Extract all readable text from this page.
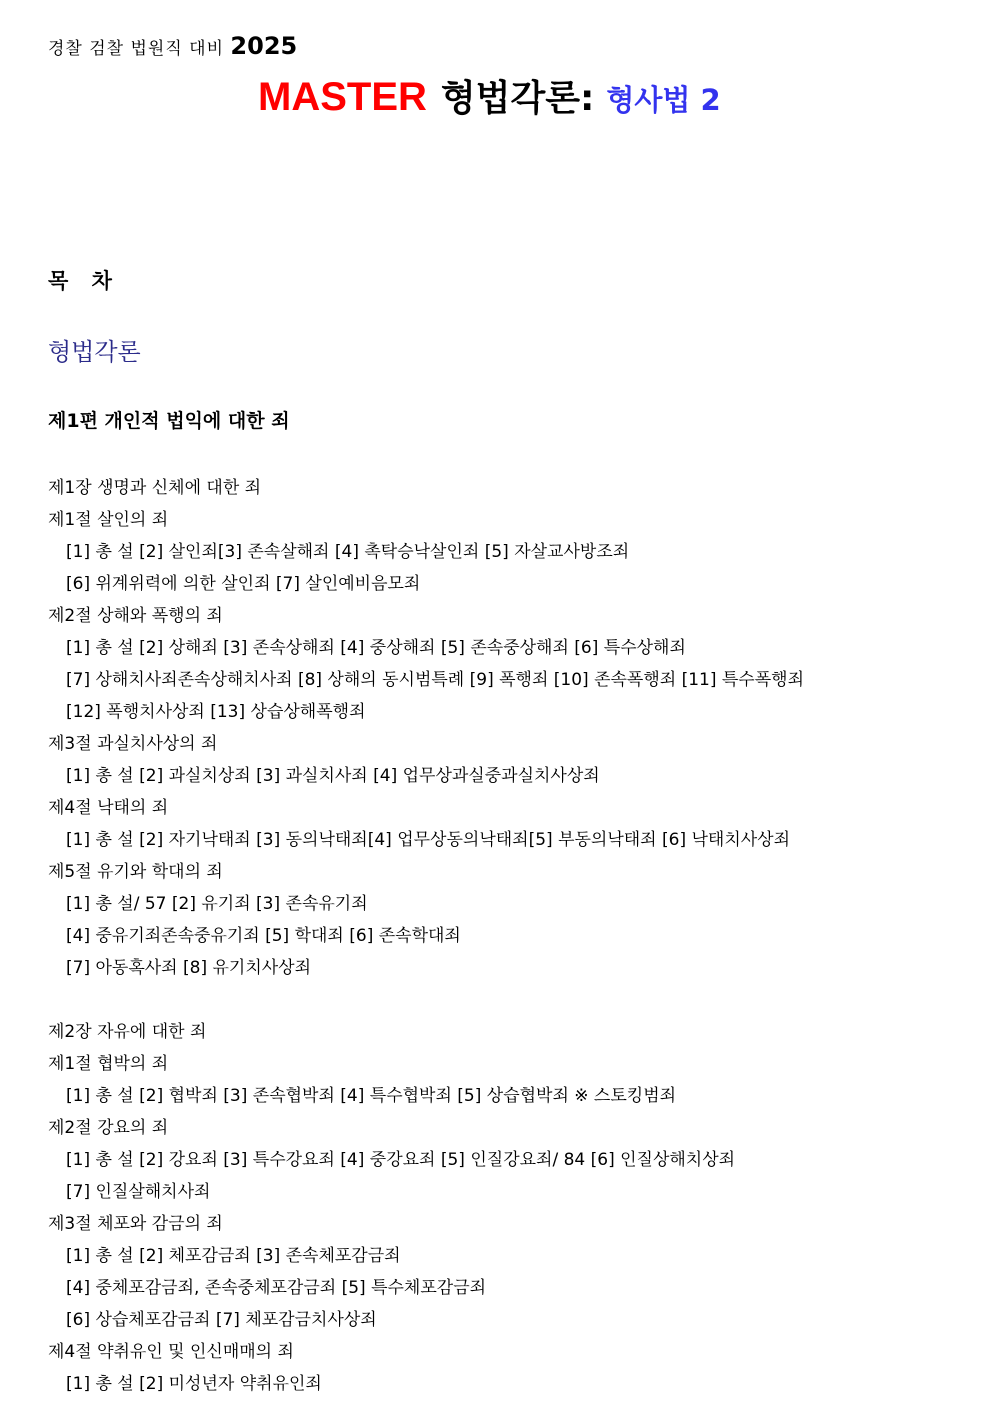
경찰 검찰 법원직 대비 2025
MASTER 형법각론: 형사법 2
목 차
형법각론
제1편 개인적 법익에 대한 죄
제1장 생명과 신체에 대한 죄
제1절 살인의 죄
[1] 총 설 [2] 살인죄[3] 존속살해죄 [4] 촉탁승낙살인죄 [5] 자살교사방조죄
[6] 위계위력에 의한 살인죄 [7] 살인예비음모죄
제2절 상해와 폭행의 죄
[1] 총 설 [2] 상해죄 [3] 존속상해죄 [4] 중상해죄 [5] 존속중상해죄 [6] 특수상해죄
[7] 상해치사죄존속상해치사죄 [8] 상해의 동시범특례 [9] 폭행죄 [10] 존속폭행죄 [11] 특수폭행죄
[12] 폭행치사상죄 [13] 상습상해폭행죄
제3절 과실치사상의 죄
[1] 총 설 [2] 과실치상죄 [3] 과실치사죄 [4] 업무상과실중과실치사상죄
제4절 낙태의 죄
[1] 총 설 [2] 자기낙태죄 [3] 동의낙태죄[4] 업무상동의낙태죄[5] 부동의낙태죄 [6] 낙태치사상죄
제5절 유기와 학대의 죄
[1] 총 설/ 57 [2] 유기죄 [3] 존속유기죄
[4] 중유기죄존속중유기죄 [5] 학대죄 [6] 존속학대죄
[7] 아동혹사죄 [8] 유기치사상죄
제2장 자유에 대한 죄
제1절 협박의 죄
[1] 총 설 [2] 협박죄 [3] 존속협박죄 [4] 특수협박죄 [5] 상습협박죄 ※ 스토킹범죄
제2절 강요의 죄
[1] 총 설 [2] 강요죄 [3] 특수강요죄 [4] 중강요죄 [5] 인질강요죄/ 84 [6] 인질상해치상죄
[7] 인질살해치사죄
제3절 체포와 감금의 죄
[1] 총 설 [2] 체포감금죄 [3] 존속체포감금죄
[4] 중체포감금죄, 존속중체포감금죄 [5] 특수체포감금죄
[6] 상습체포감금죄 [7] 체포감금치사상죄
제4절 약취유인 및 인신매매의 죄
[1] 총 설 [2] 미성년자 약취유인죄
